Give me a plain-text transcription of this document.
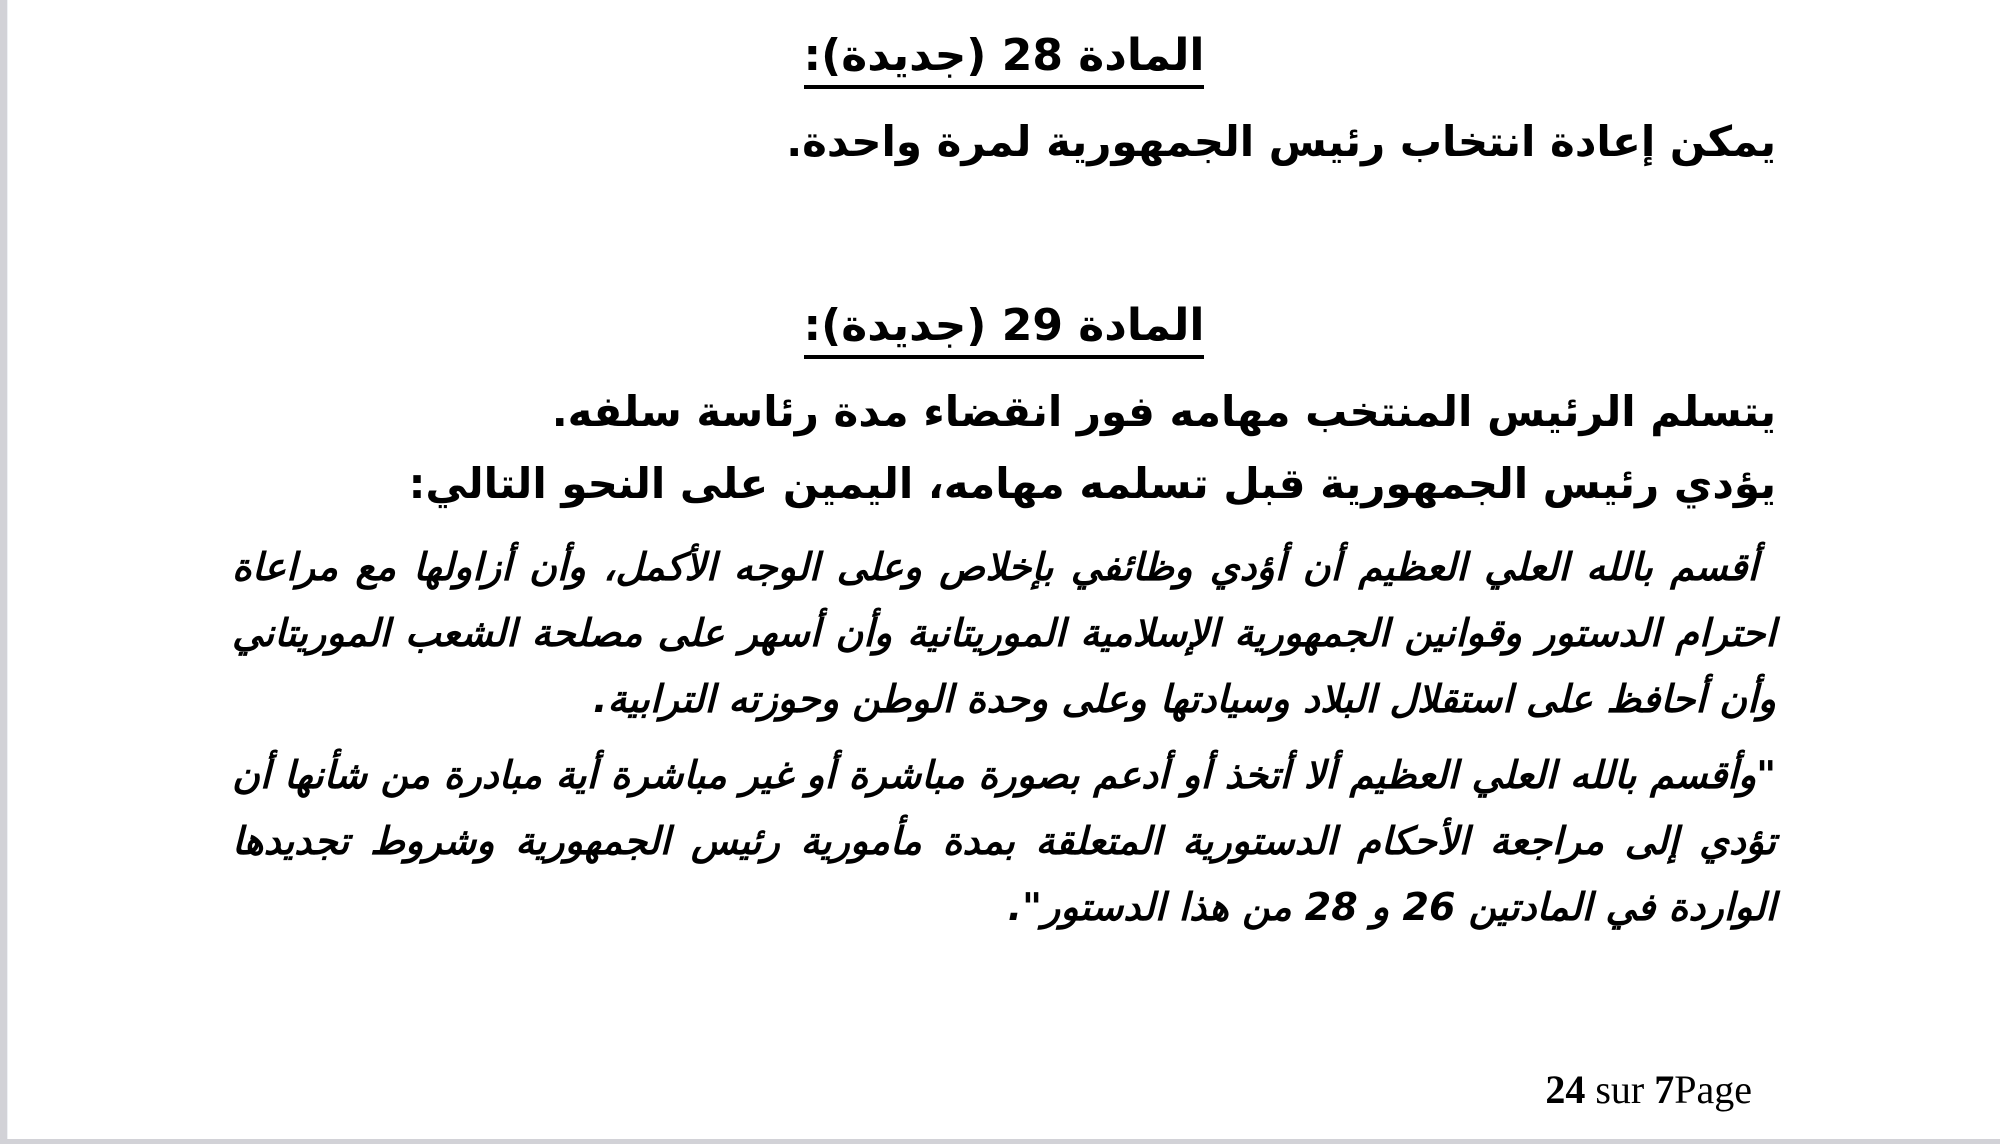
المادة 28 (جديدة):

يمكن إعادة انتخاب رئيس الجمهورية لمرة واحدة.

المادة 29 (جديدة):

يتسلم الرئيس المنتخب مهامه فور انقضاء مدة رئاسة سلفه.

يؤدي رئيس الجمهورية قبل تسلمه مهامه، اليمين على النحو التالي:

أقسم بالله العلي العظيم أن أؤدي وظائفي بإخلاص وعلى الوجه الأكمل، وأن أزاولها مع مراعاة احترام الدستور وقوانين الجمهورية الإسلامية الموريتانية وأن أسهر على مصلحة الشعب الموريتاني وأن أحافظ على استقلال البلاد وسيادتها وعلى وحدة الوطن وحوزته الترابية.

"وأقسم بالله العلي العظيم ألا أتخذ أو أدعم بصورة مباشرة أو غير مباشرة أية مبادرة من شأنها أن تؤدي إلى مراجعة الأحكام الدستورية المتعلقة بمدة مأمورية رئيس الجمهورية وشروط تجديدها الواردة في المادتين 26 و 28 من هذا الدستور".

24 sur 7Page
